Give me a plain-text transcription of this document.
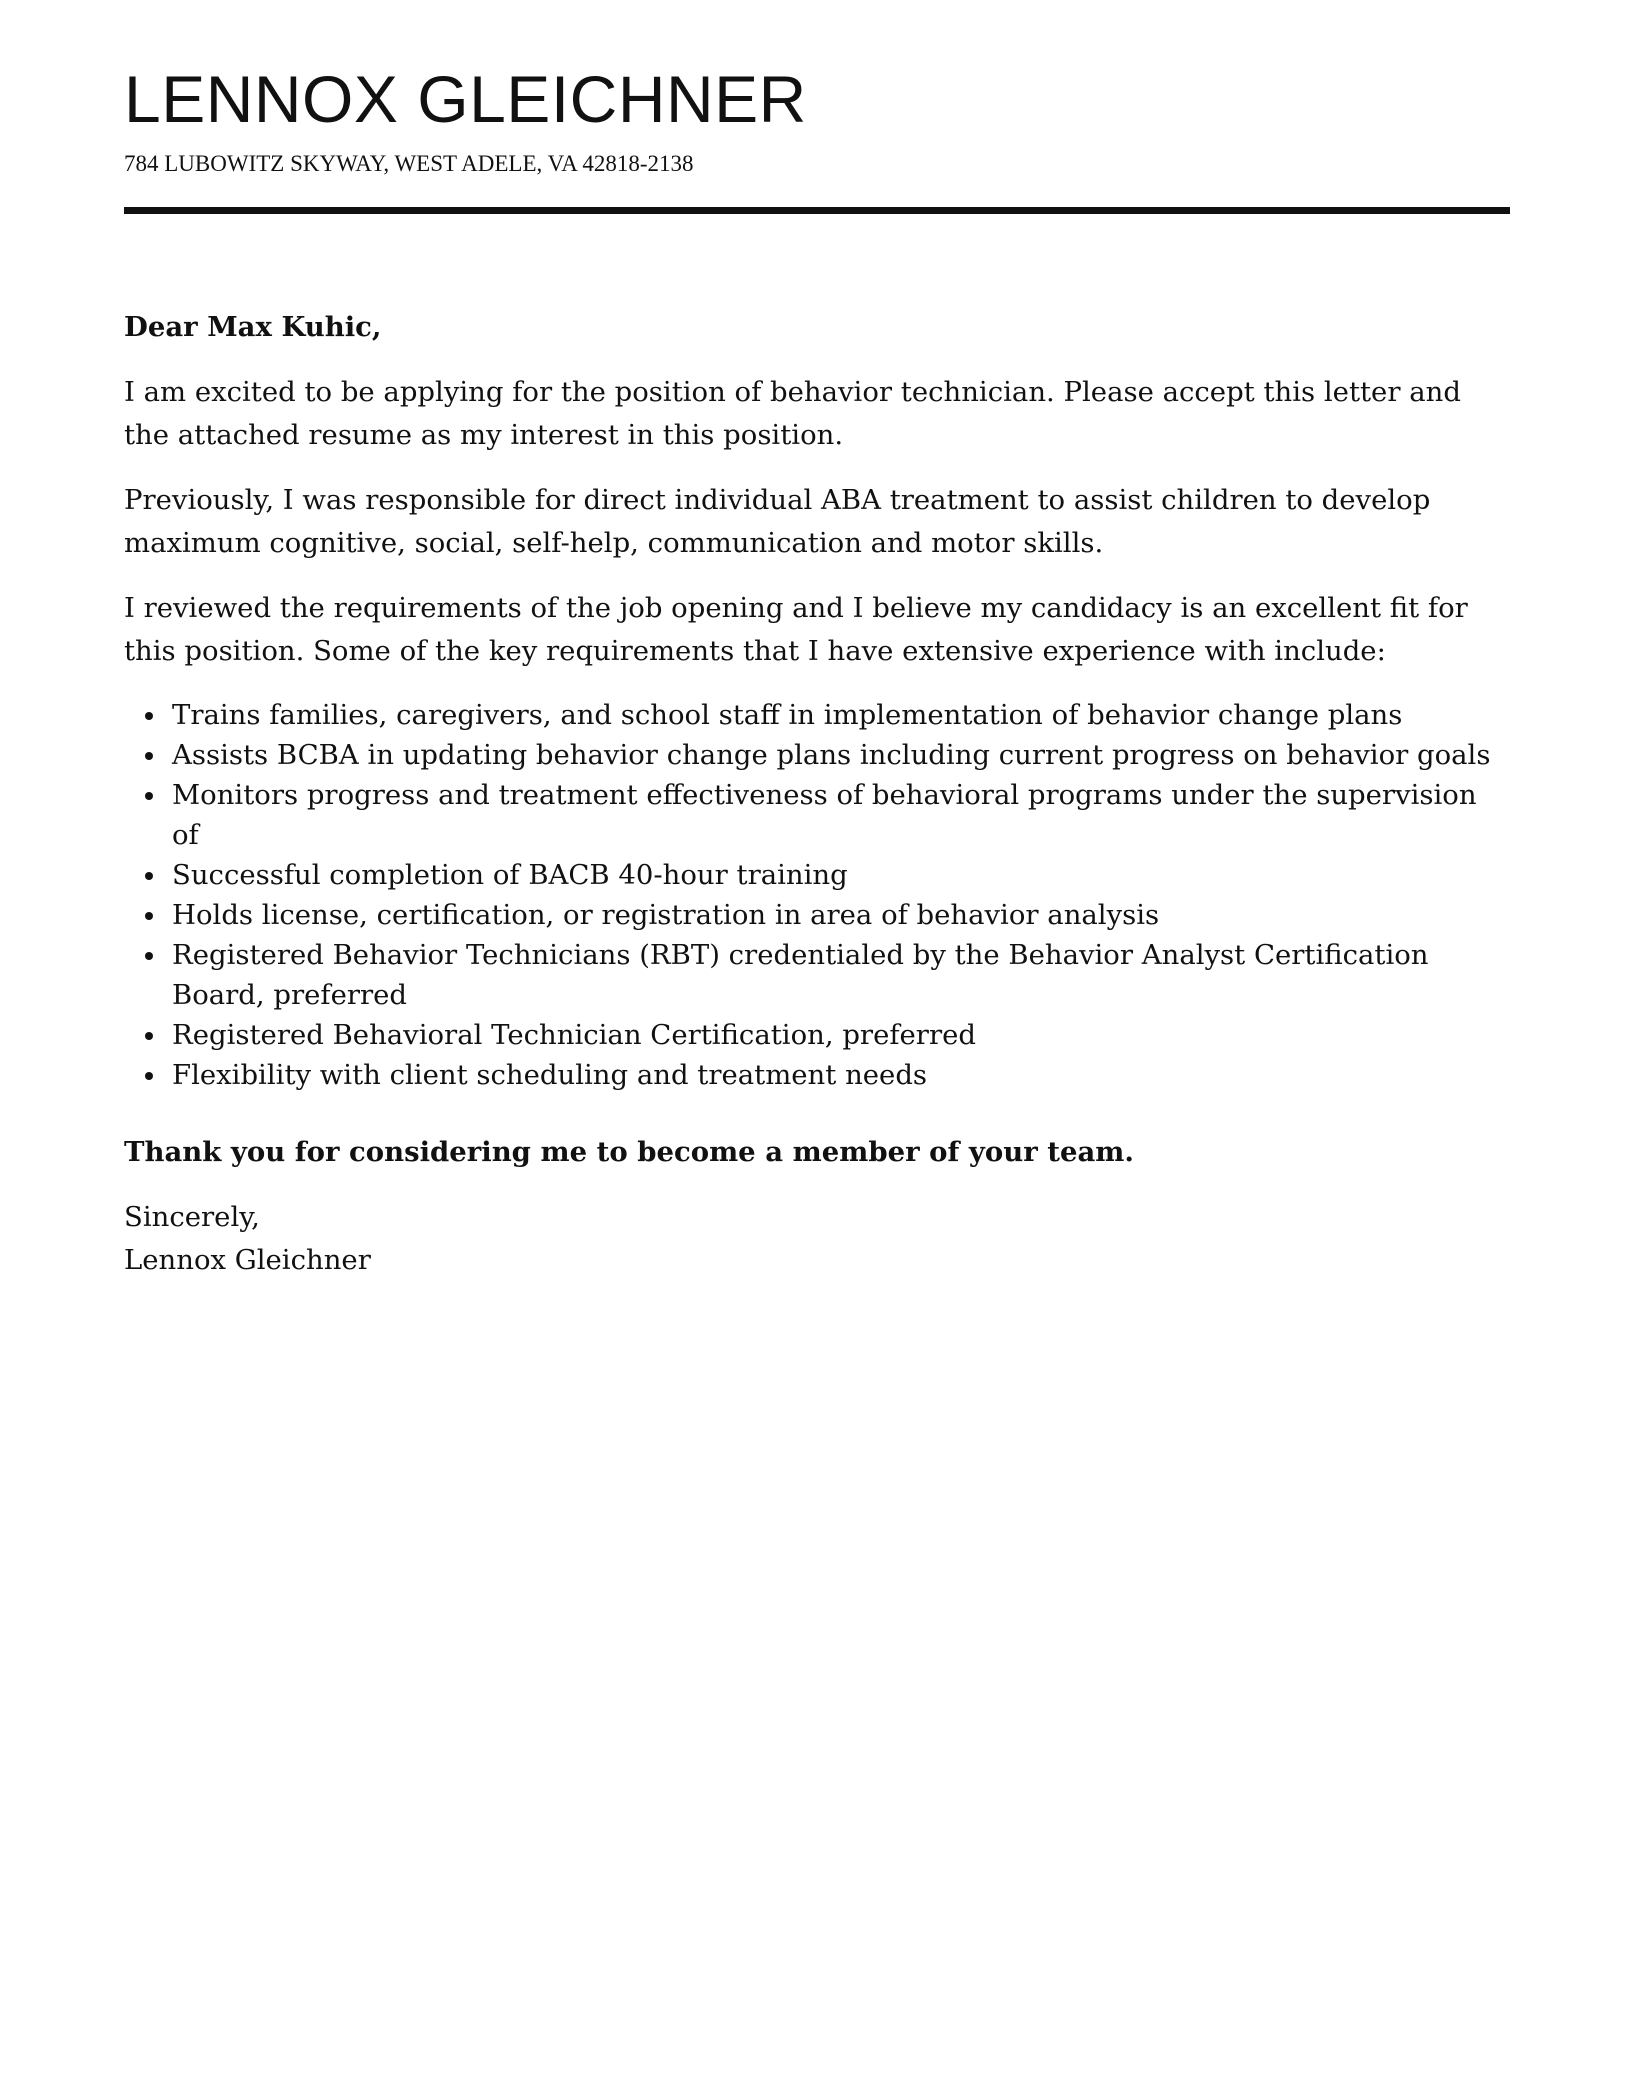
LENNOX GLEICHNER

784 LUBOWITZ SKYWAY, WEST ADELE, VA 42818-2138

Dear Max Kuhic,

I am excited to be applying for the position of behavior technician. Please accept this letter and the attached resume as my interest in this position.

Previously, I was responsible for direct individual ABA treatment to assist children to develop maximum cognitive, social, self-help, communication and motor skills.

I reviewed the requirements of the job opening and I believe my candidacy is an excellent fit for this position. Some of the key requirements that I have extensive experience with include:

Trains families, caregivers, and school staff in implementation of behavior change plans
Assists BCBA in updating behavior change plans including current progress on behavior goals
Monitors progress and treatment effectiveness of behavioral programs under the supervision of
Successful completion of BACB 40-hour training
Holds license, certification, or registration in area of behavior analysis
Registered Behavior Technicians (RBT) credentialed by the Behavior Analyst Certification Board, preferred
Registered Behavioral Technician Certification, preferred
Flexibility with client scheduling and treatment needs

Thank you for considering me to become a member of your team.

Sincerely,

Lennox Gleichner
